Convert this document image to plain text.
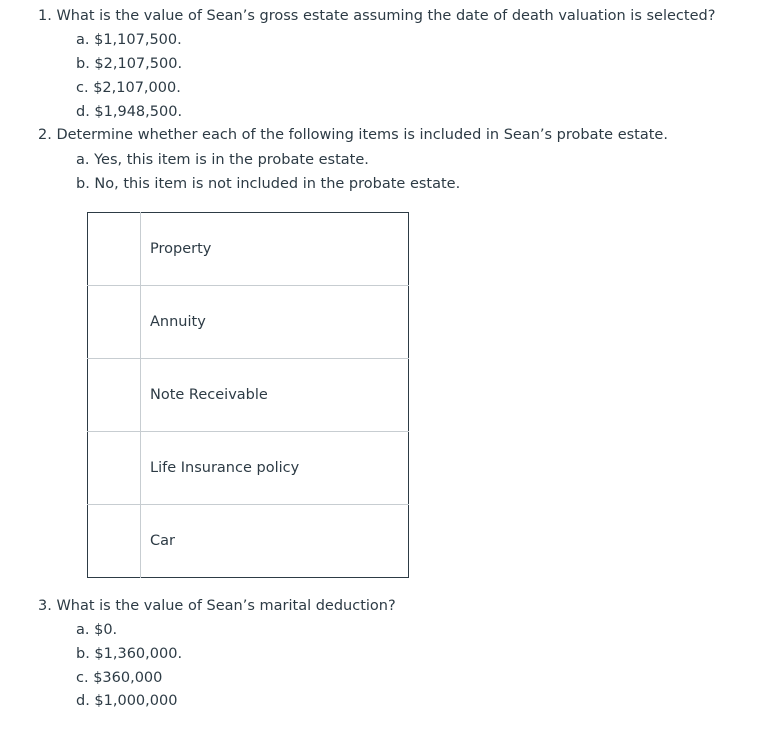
1. What is the value of Sean’s gross estate assuming the date of death valuation is selected?
a. $1,107,500.
b. $2,107,500.
c. $2,107,000.
d. $1,948,500.
2. Determine whether each of the following items is included in Sean’s probate estate.
a. Yes, this item is in the probate estate.
b. No, this item is not included in the probate estate.
	Property
	Annuity
	Note Receivable
	Life Insurance policy
	Car
3. What is the value of Sean’s marital deduction?
a. $0.
b. $1,360,000.
c. $360,000
d. $1,000,000
